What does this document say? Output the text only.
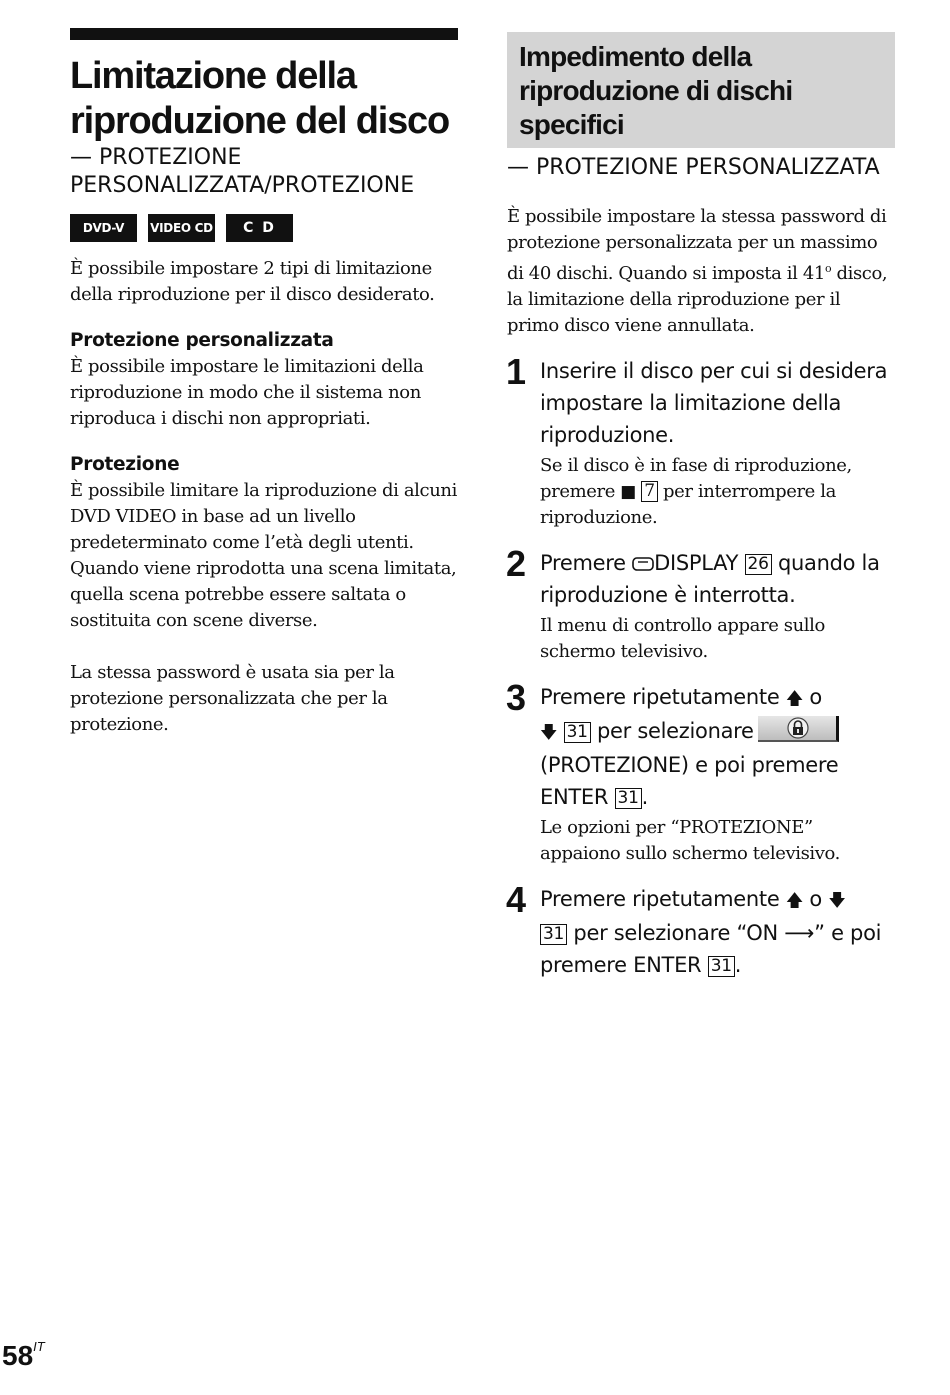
Limitazione della
riproduzione del disco
— PROTEZIONE
PERSONALIZZATA/PROTEZIONE
DVD-V	VIDEO CD	C D

È possibile impostare 2 tipi di limitazione della riproduzione per il disco desiderato.

Protezione personalizzata

È possibile impostare le limitazioni della riproduzione in modo che il sistema non riproduca i dischi non appropriati.

Protezione

È possibile limitare la riproduzione di alcuni DVD VIDEO in base ad un livello predeterminato come l’età degli utenti. Quando viene riprodotta una scena limitata, quella scena potrebbe essere saltata o sostituita con scene diverse.

La stessa password è usata sia per la protezione personalizzata che per la protezione.

Impedimento della
riproduzione di dischi specifici

— PROTEZIONE PERSONALIZZATA

È possibile impostare la stessa password di protezione personalizzata per un massimo di 40 dischi. Quando si imposta il 41$^o$ disco, la limitazione della riproduzione per il primo disco viene annullata.

1 Inserire il disco per cui si desidera impostare la limitazione della riproduzione.

Se il disco è in fase di riproduzione, premere ■ 7 per interrompere la riproduzione.

2 Premere DISPLAY 26 quando la riproduzione è interrotta.

Il menu di controllo appare sullo schermo televisivo.

3 Premere ripetutamente 🡅 o
🡇 31 per selezionare

(PROTEZIONE) e poi premere ENTER 31 .

Le opzioni per “PROTEZIONE” appaiono sullo schermo televisivo.

4 Premere ripetutamente 🡅 o 🡇
31 per selezionare “ON ⟶” e poi premere ENTER 31 .

$58^{IT}$
